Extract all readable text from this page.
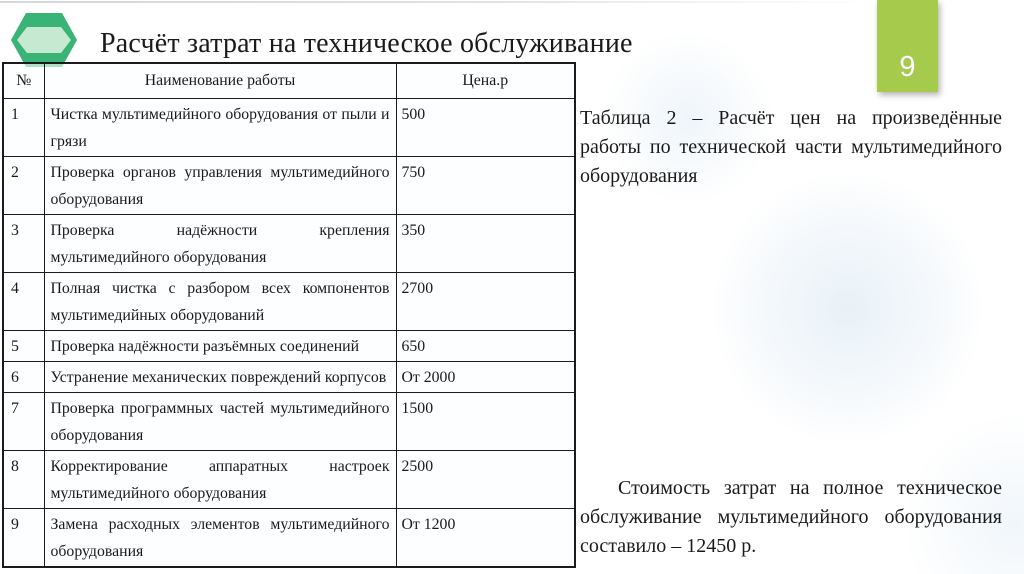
Расчёт затрат на техническое обслуживание
9
№	Наименование работы	Цена.р
1	Чистка мультимедийного оборудования от пыли и грязи	500
2	Проверка органов управления мультимедийного оборудования	750
3	Проверка надёжности крепления мультимедийного оборудования	350
4	Полная чистка с разбором всех компонентов мультимедийных оборудований	2700
5	Проверка надёжности разъёмных соединений	650
6	Устранение механических повреждений корпусов	От 2000
7	Проверка программных частей мультимедийного оборудования	1500
8	Корректирование аппаратных настроек мультимедийного оборудования	2500
9	Замена расходных элементов мультимедийного оборудования	От 1200

Таблица 2 – Расчёт цен на произведённые работы по технической части мультимедийного оборудования

Стоимость затрат на полное техническое обслуживание мультимедийного оборудования составило – 12450 р.
